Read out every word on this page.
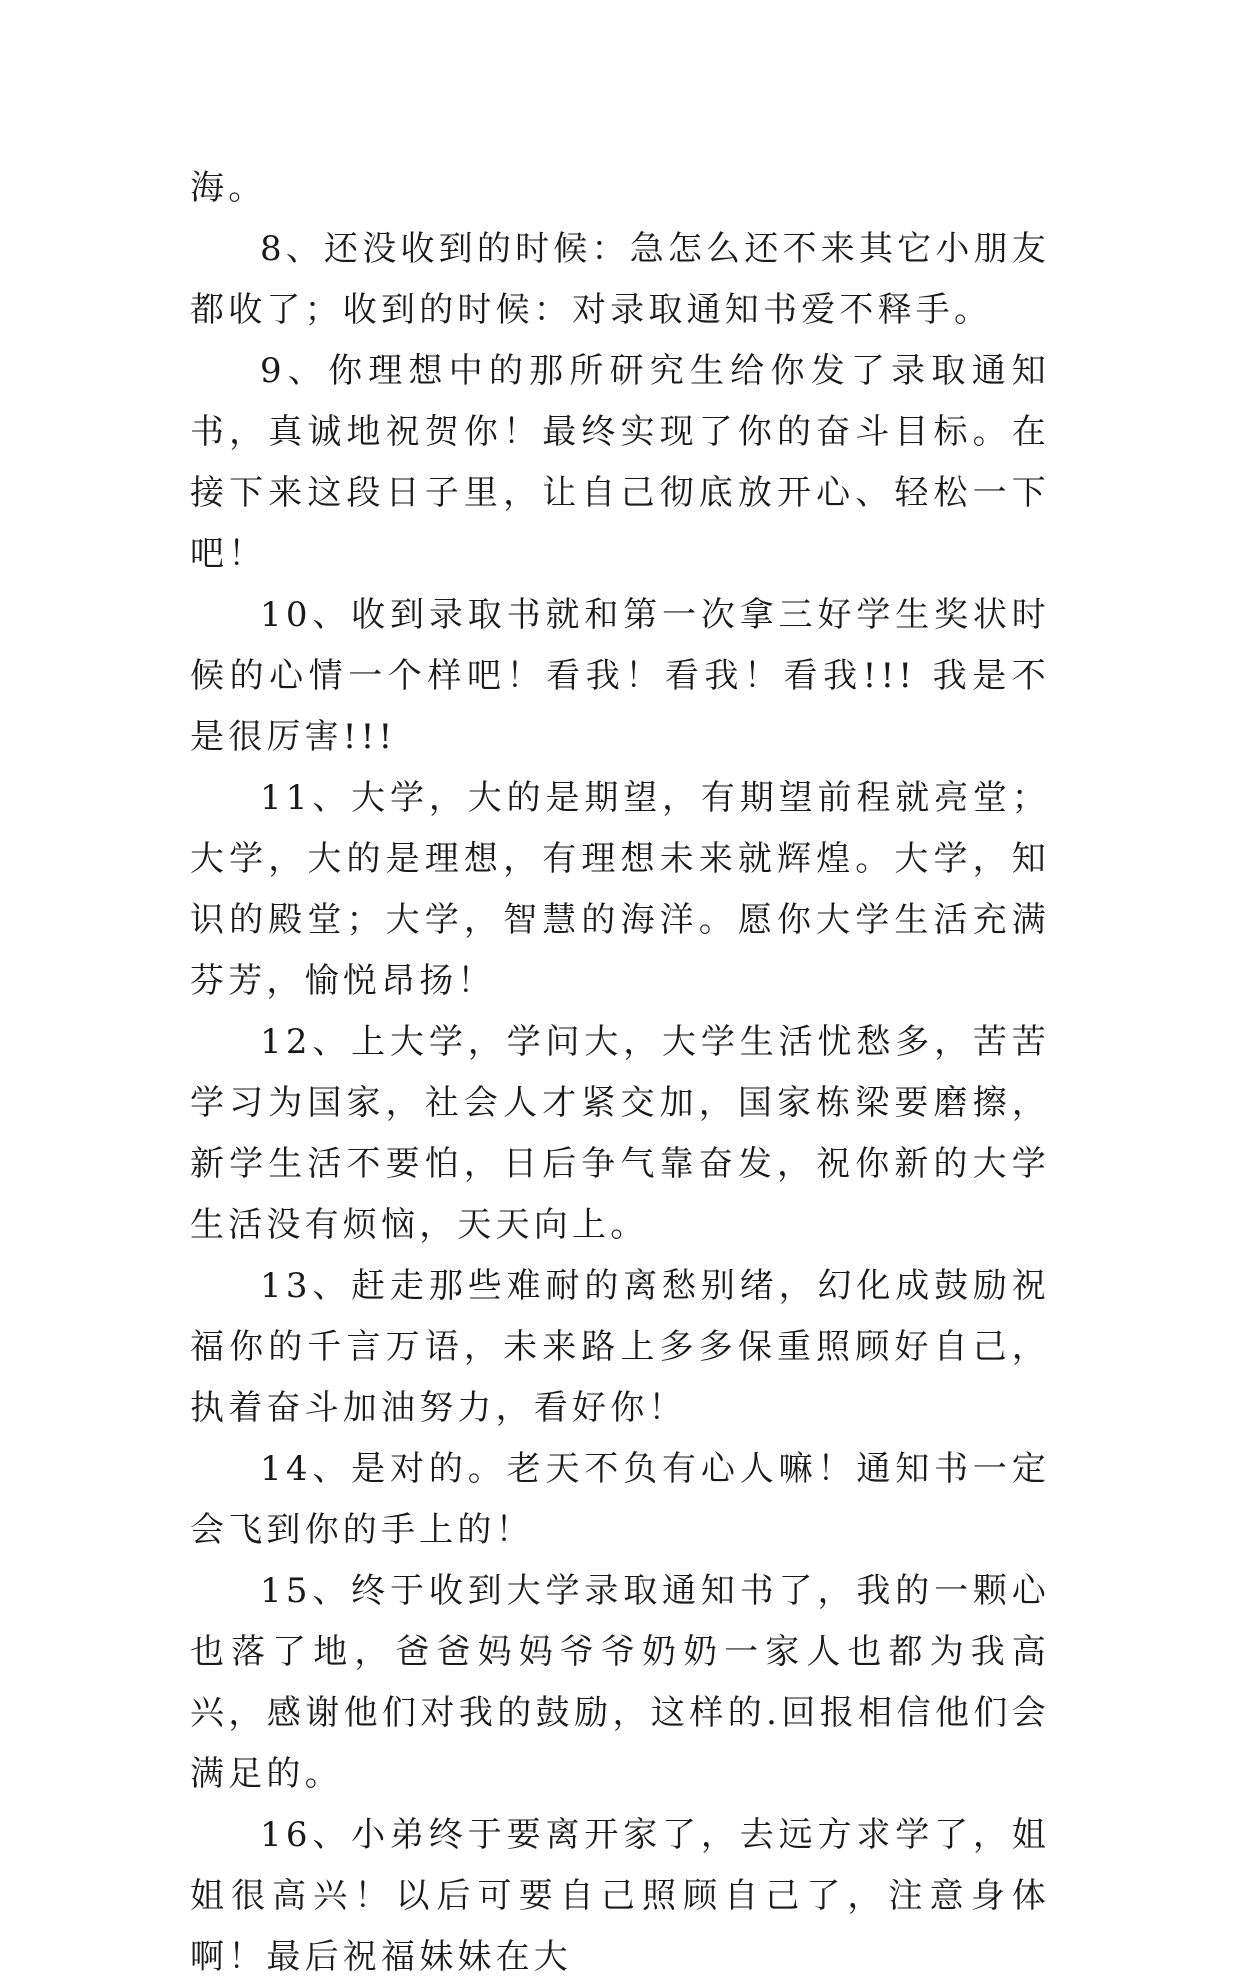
海。

8、还没收到的时候：急怎么还不来其它小朋友都收了；收到的时候：对录取通知书爱不释手。

9、你理想中的那所研究生给你发了录取通知书，真诚地祝贺你！最终实现了你的奋斗目标。在接下来这段日子里，让自己彻底放开心、轻松一下吧！

10、收到录取书就和第一次拿三好学生奖状时候的心情一个样吧！看我！看我！看我!!! 我是不是很厉害!!!

11、大学，大的是期望，有期望前程就亮堂；大学，大的是理想，有理想未来就辉煌。大学，知识的殿堂；大学，智慧的海洋。愿你大学生活充满芬芳，愉悦昂扬！

12、上大学，学问大，大学生活忧愁多，苦苦学习为国家，社会人才紧交加，国家栋梁要磨擦，新学生活不要怕，日后争气靠奋发，祝你新的大学生活没有烦恼，天天向上。

13、赶走那些难耐的离愁别绪，幻化成鼓励祝福你的千言万语，未来路上多多保重照顾好自己，执着奋斗加油努力，看好你！

14、是对的。老天不负有心人嘛！通知书一定会飞到你的手上的！

15、终于收到大学录取通知书了，我的一颗心也落了地，爸爸妈妈爷爷奶奶一家人也都为我高兴，感谢他们对我的鼓励，这样的.回报相信他们会满足的。

16、小弟终于要离开家了，去远方求学了，姐姐很高兴！以后可要自己照顾自己了，注意身体啊！最后祝福妹妹在大
